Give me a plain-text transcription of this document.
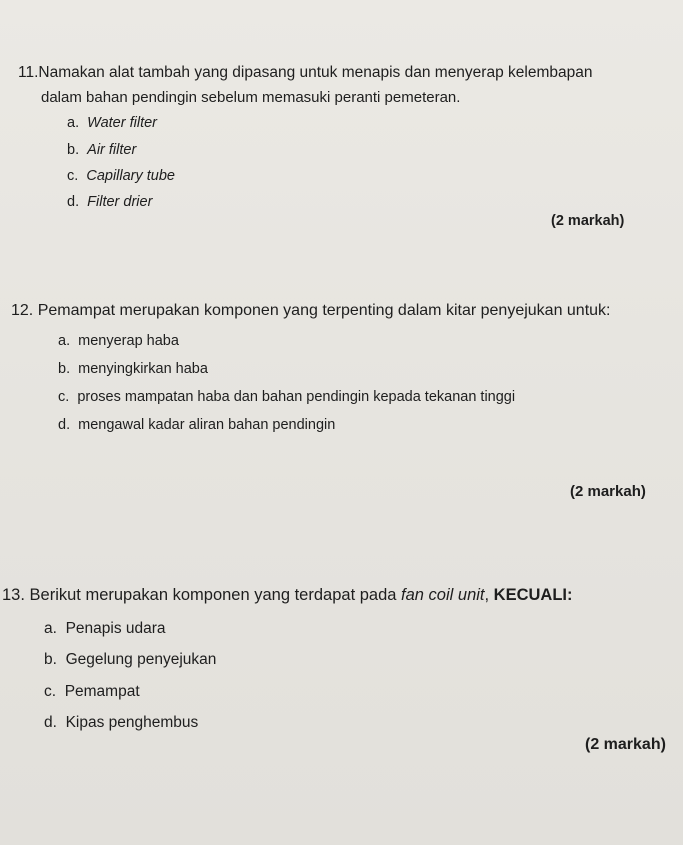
11.Namakan alat tambah yang dipasang untuk menapis dan menyerap kelembapan
dalam bahan pendingin sebelum memasuki peranti pemeteran.
a. Water filter
b. Air filter
c. Capillary tube
d. Filter drier
(2 markah)
12. Pemampat merupakan komponen yang terpenting dalam kitar penyejukan untuk:
a. menyerap haba
b. menyingkirkan haba
c. proses mampatan haba dan bahan pendingin kepada tekanan tinggi
d. mengawal kadar aliran bahan pendingin
(2 markah)
13. Berikut merupakan komponen yang terdapat pada fan coil unit, KECUALI:
a. Penapis udara
b. Gegelung penyejukan
c. Pemampat
d. Kipas penghembus
(2 markah)
